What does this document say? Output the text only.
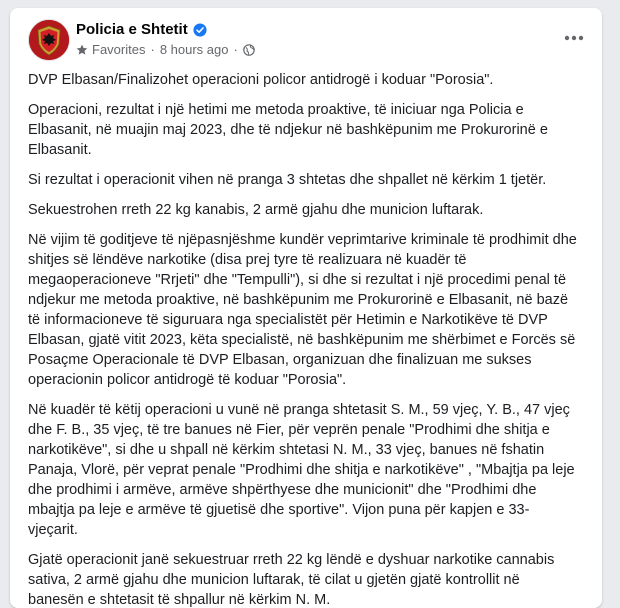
Policia e Shtetit
Favorites · 8 hours ago ·

DVP Elbasan/Finalizohet operacioni policor antidrogë i koduar "Porosia".

Operacioni, rezultat i një hetimi me metoda proaktive, të iniciuar nga Policia e Elbasanit, në muajin maj 2023, dhe të ndjekur në bashkëpunim me Prokurorinë e Elbasanit.

Si rezultat i operacionit vihen në pranga 3 shtetas dhe shpallet në kërkim 1 tjetër.

Sekuestrohen rreth 22 kg kanabis, 2 armë gjahu dhe municion luftarak.

Në vijim të goditjeve të njëpasnjëshme kundër veprimtarive kriminale të prodhimit dhe shitjes së lëndëve narkotike (disa prej tyre të realizuara në kuadër të megaoperacioneve "Rrjeti" dhe "Tempulli"), si dhe si rezultat i një procedimi penal të ndjekur me metoda proaktive, në bashkëpunim me Prokurorinë e Elbasanit, në bazë të informacioneve të siguruara nga specialistët për Hetimin e Narkotikëve të DVP Elbasan, gjatë vitit 2023, këta specialistë, në bashkëpunim me shërbimet e Forcës së Posaçme Operacionale të DVP Elbasan, organizuan dhe finalizuan me sukses operacionin policor antidrogë të koduar "Porosia".

Në kuadër të këtij operacioni u vunë në pranga shtetasit S. M., 59 vjeç, Y. B., 47 vjeç dhe F. B., 35 vjeç, të tre banues në Fier, për veprën penale "Prodhimi dhe shitja e narkotikëve", si dhe u shpall në kërkim shtetasi N. M., 33 vjeç, banues në fshatin Panaja, Vlorë, për veprat penale "Prodhimi dhe shitja e narkotikëve" , "Mbajtja pa leje dhe prodhimi i armëve, armëve shpërthyese dhe municionit" dhe "Prodhimi dhe mbajtja pa leje e armëve të gjuetisë dhe sportive". Vijon puna për kapjen e 33-vjeçarit.

Gjatë operacionit janë sekuestruar rreth 22 kg lëndë e dyshuar narkotike cannabis sativa, 2 armë gjahu dhe municion luftarak, të cilat u gjetën gjatë kontrollit në banesën e shtetasit të shpallur në kërkim N. M.
